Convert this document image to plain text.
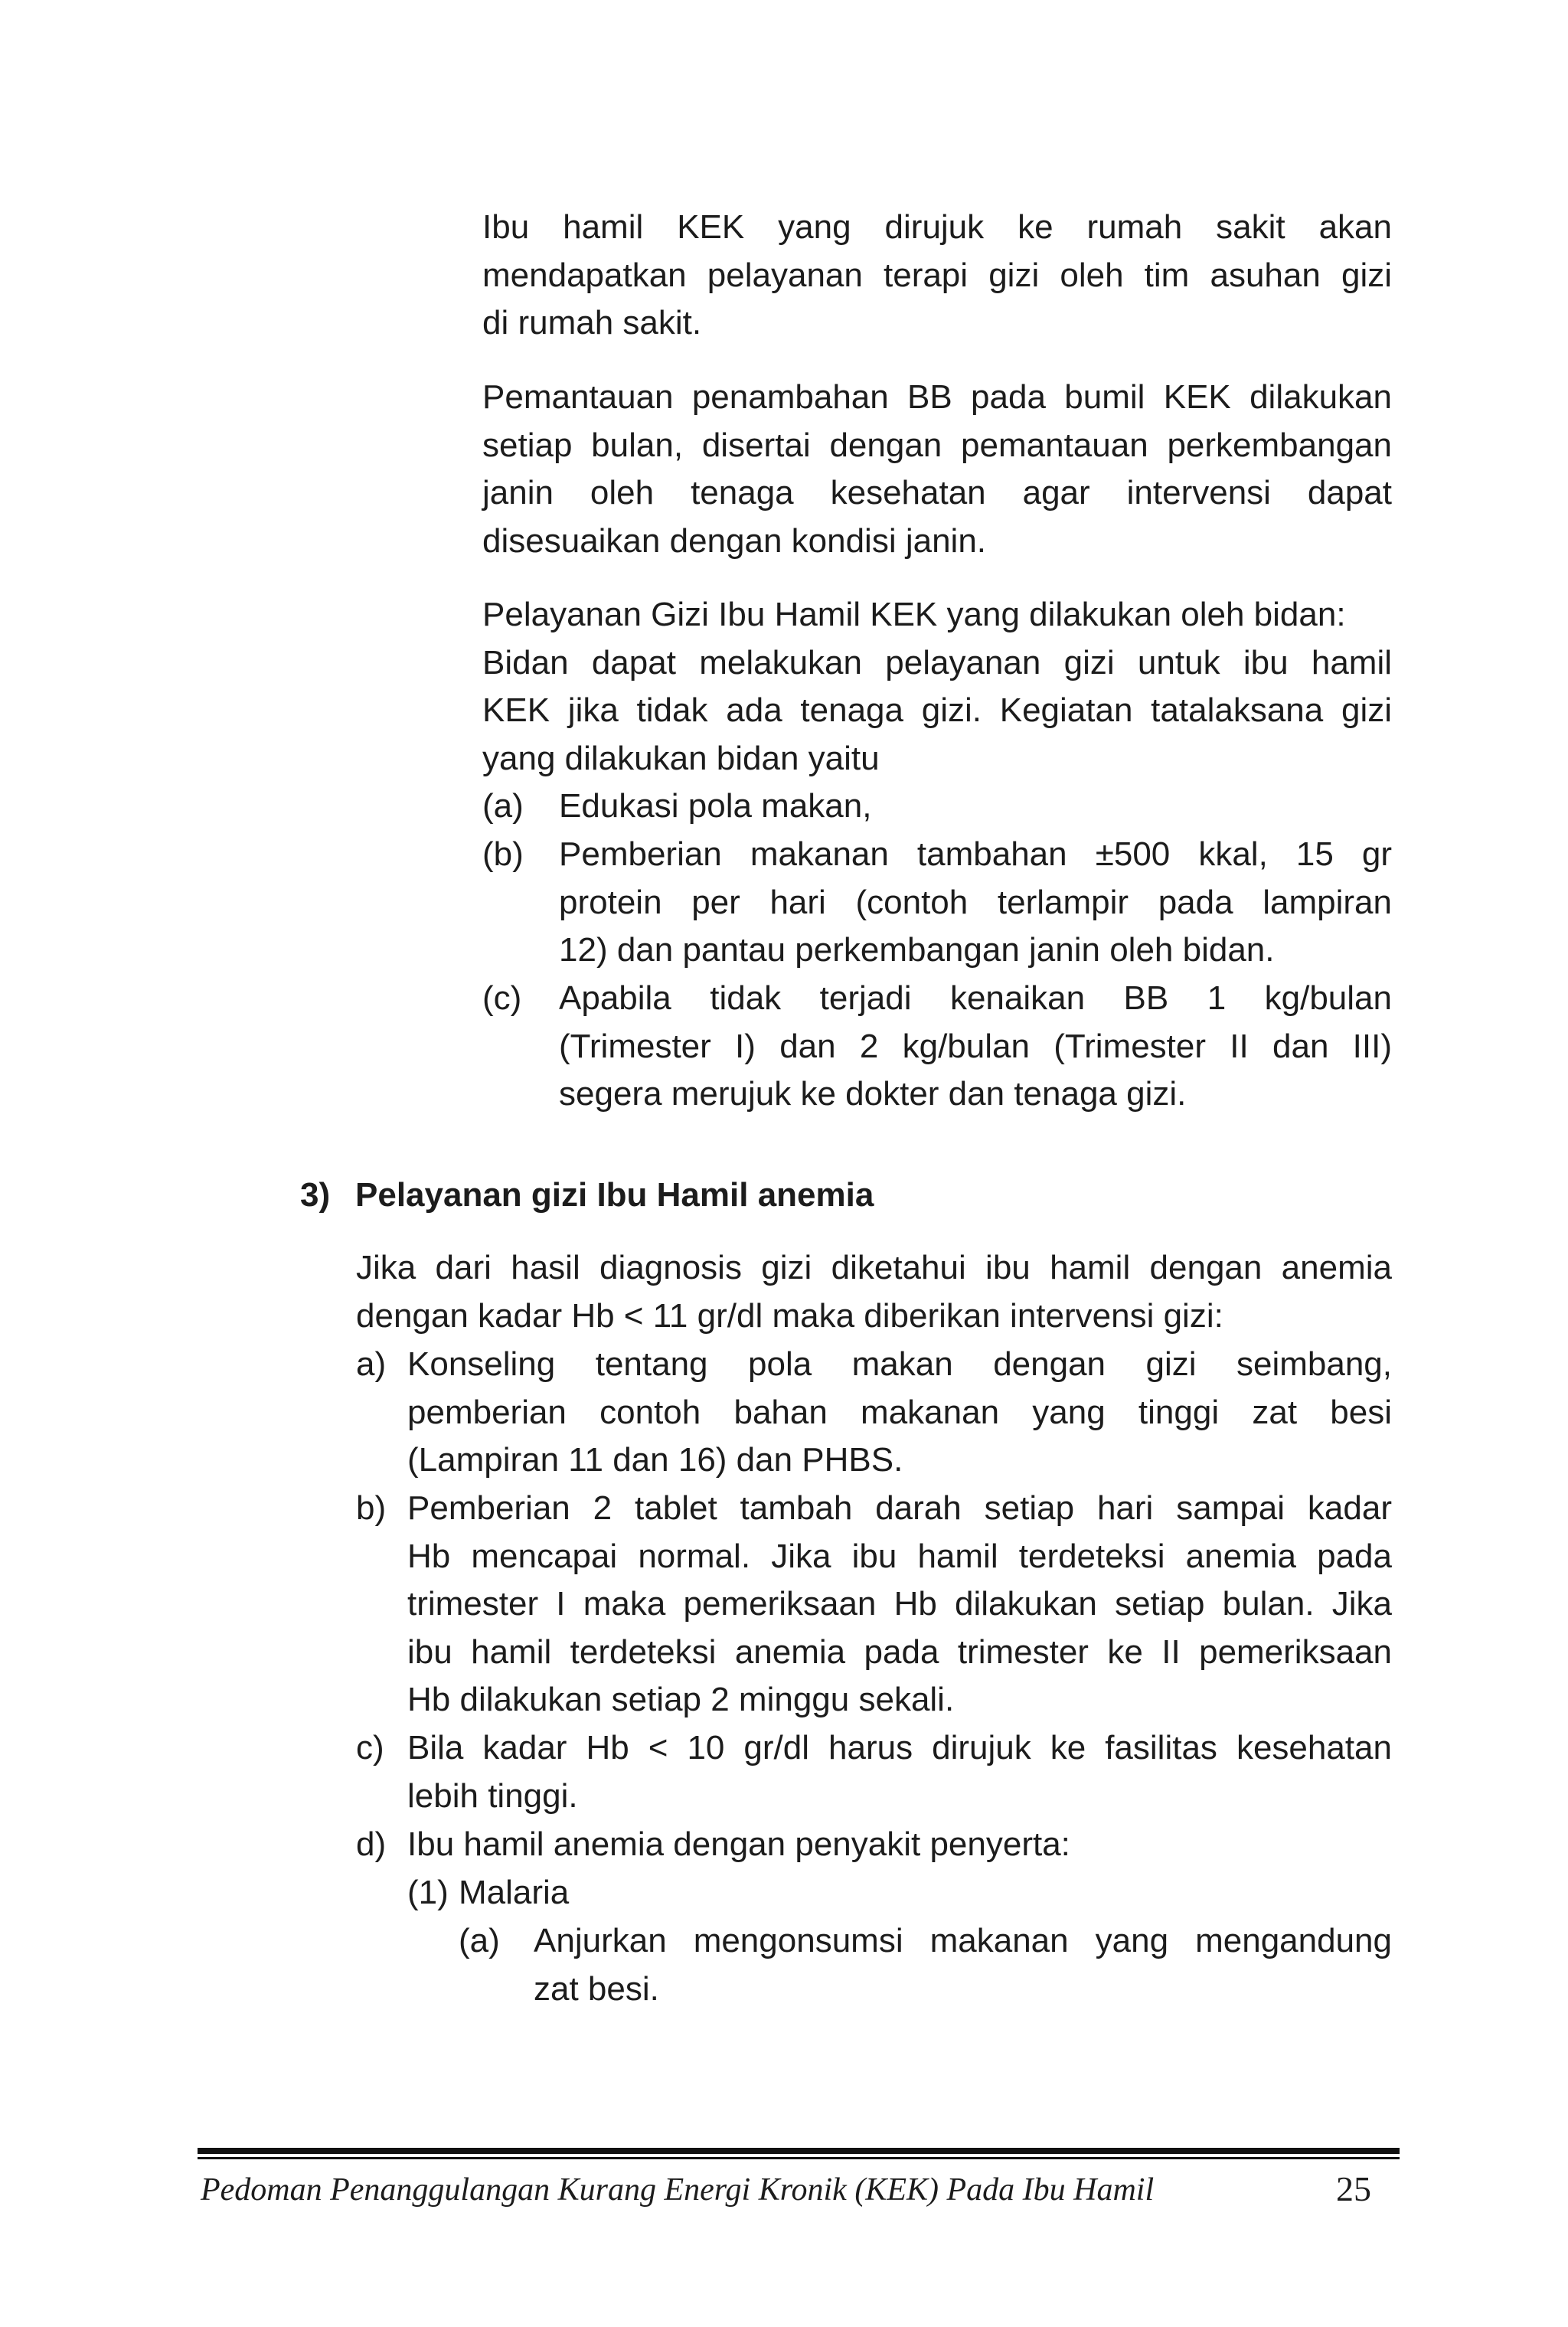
Ibu hamil KEK yang dirujuk ke rumah sakit akan
mendapatkan pelayanan terapi gizi oleh tim asuhan gizi
di rumah sakit.
Pemantauan penambahan BB pada bumil KEK dilakukan
setiap bulan, disertai dengan pemantauan perkembangan
janin oleh tenaga kesehatan agar intervensi dapat
disesuaikan dengan kondisi janin.
Pelayanan Gizi Ibu Hamil KEK yang dilakukan oleh bidan:
Bidan dapat melakukan pelayanan gizi untuk ibu hamil
KEK jika tidak ada tenaga gizi. Kegiatan tatalaksana gizi
yang dilakukan bidan yaitu
(a) Edukasi pola makan,
(b) Pemberian makanan tambahan ±500 kkal, 15 gr
protein per hari (contoh terlampir pada lampiran
12) dan pantau perkembangan janin oleh bidan.
(c) Apabila tidak terjadi kenaikan BB 1 kg/bulan
(Trimester I) dan 2 kg/bulan (Trimester II dan III)
segera merujuk ke dokter dan tenaga gizi.
3) Pelayanan gizi Ibu Hamil anemia
Jika dari hasil diagnosis gizi diketahui ibu hamil dengan anemia
dengan kadar Hb < 11 gr/dl maka diberikan intervensi gizi:
a) Konseling tentang pola makan dengan gizi seimbang,
pemberian contoh bahan makanan yang tinggi zat besi
(Lampiran 11 dan 16) dan PHBS.
b) Pemberian 2 tablet tambah darah setiap hari sampai kadar
Hb mencapai normal. Jika ibu hamil terdeteksi anemia pada
trimester I maka pemeriksaan Hb dilakukan setiap bulan. Jika
ibu hamil terdeteksi anemia pada trimester ke II pemeriksaan
Hb dilakukan setiap 2 minggu sekali.
c) Bila kadar Hb < 10 gr/dl harus dirujuk ke fasilitas kesehatan
lebih tinggi.
d) Ibu hamil anemia dengan penyakit penyerta:
(1) Malaria
(a) Anjurkan mengonsumsi makanan yang mengandung
zat besi.
Pedoman Penanggulangan Kurang Energi Kronik (KEK) Pada Ibu Hamil	25
